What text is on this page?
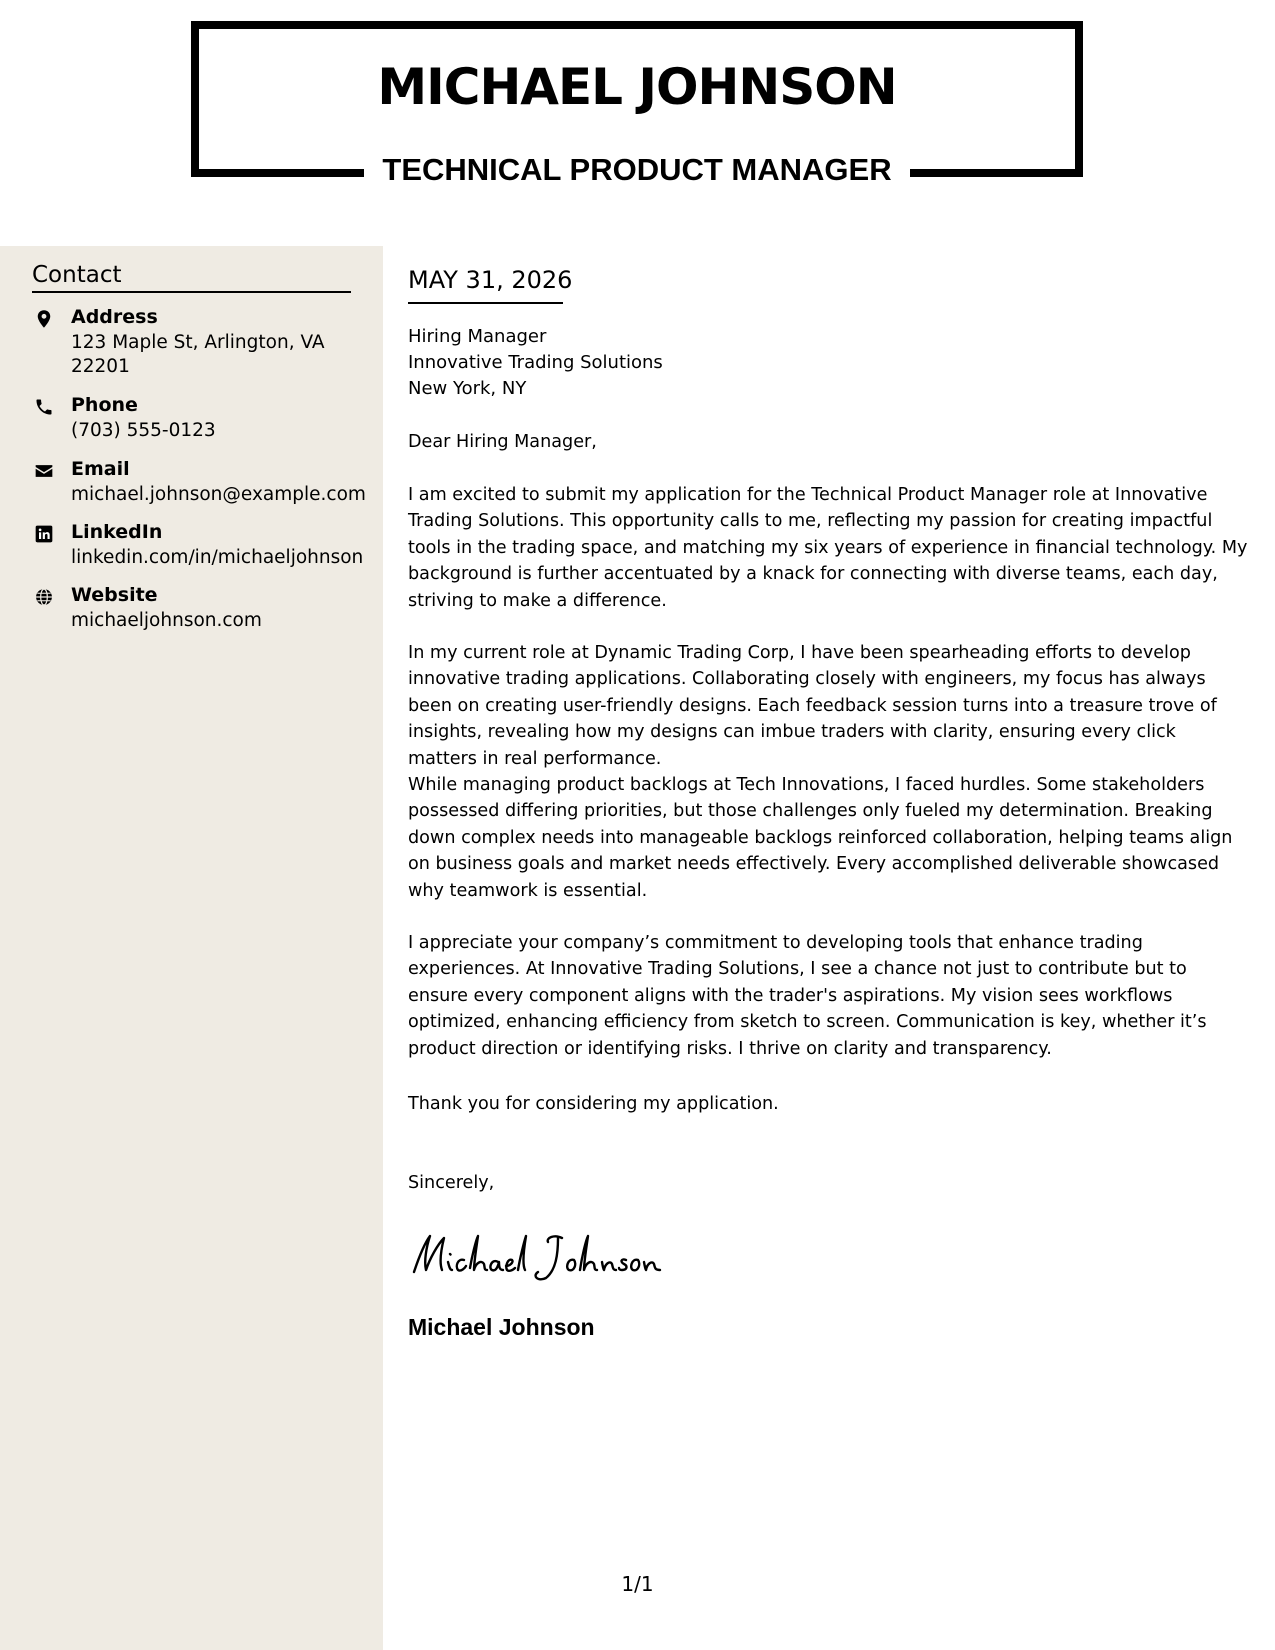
MICHAEL JOHNSON
TECHNICAL PRODUCT MANAGER
Contact
Address
123 Maple St, Arlington, VA 22201
Phone
(703) 555-0123
Email
michael.johnson@example.com
LinkedIn
linkedin.com/in/michaeljohnson
Website
michaeljohnson.com
MAY 31, 2026
Hiring Manager
Innovative Trading Solutions
New York, NY

Dear Hiring Manager,

I am excited to submit my application for the Technical Product Manager role at Innovative Trading Solutions. This opportunity calls to me, reflecting my passion for creating impactful tools in the trading space, and matching my six years of experience in financial technology. My background is further accentuated by a knack for connecting with diverse teams, each day, striving to make a difference.

In my current role at Dynamic Trading Corp, I have been spearheading efforts to develop innovative trading applications. Collaborating closely with engineers, my focus has always been on creating user-friendly designs. Each feedback session turns into a treasure trove of insights, revealing how my designs can imbue traders with clarity, ensuring every click matters in real performance.

While managing product backlogs at Tech Innovations, I faced hurdles. Some stakeholders possessed differing priorities, but those challenges only fueled my determination. Breaking down complex needs into manageable backlogs reinforced collaboration, helping teams align on business goals and market needs effectively. Every accomplished deliverable showcased why teamwork is essential.

I appreciate your company’s commitment to developing tools that enhance trading experiences. At Innovative Trading Solutions, I see a chance not just to contribute but to ensure every component aligns with the trader's aspirations. My vision sees workflows optimized, enhancing efficiency from sketch to screen. Communication is key, whether it’s product direction or identifying risks. I thrive on clarity and transparency.

Thank you for considering my application.

Sincerely,

Michael Johnson
1/1
